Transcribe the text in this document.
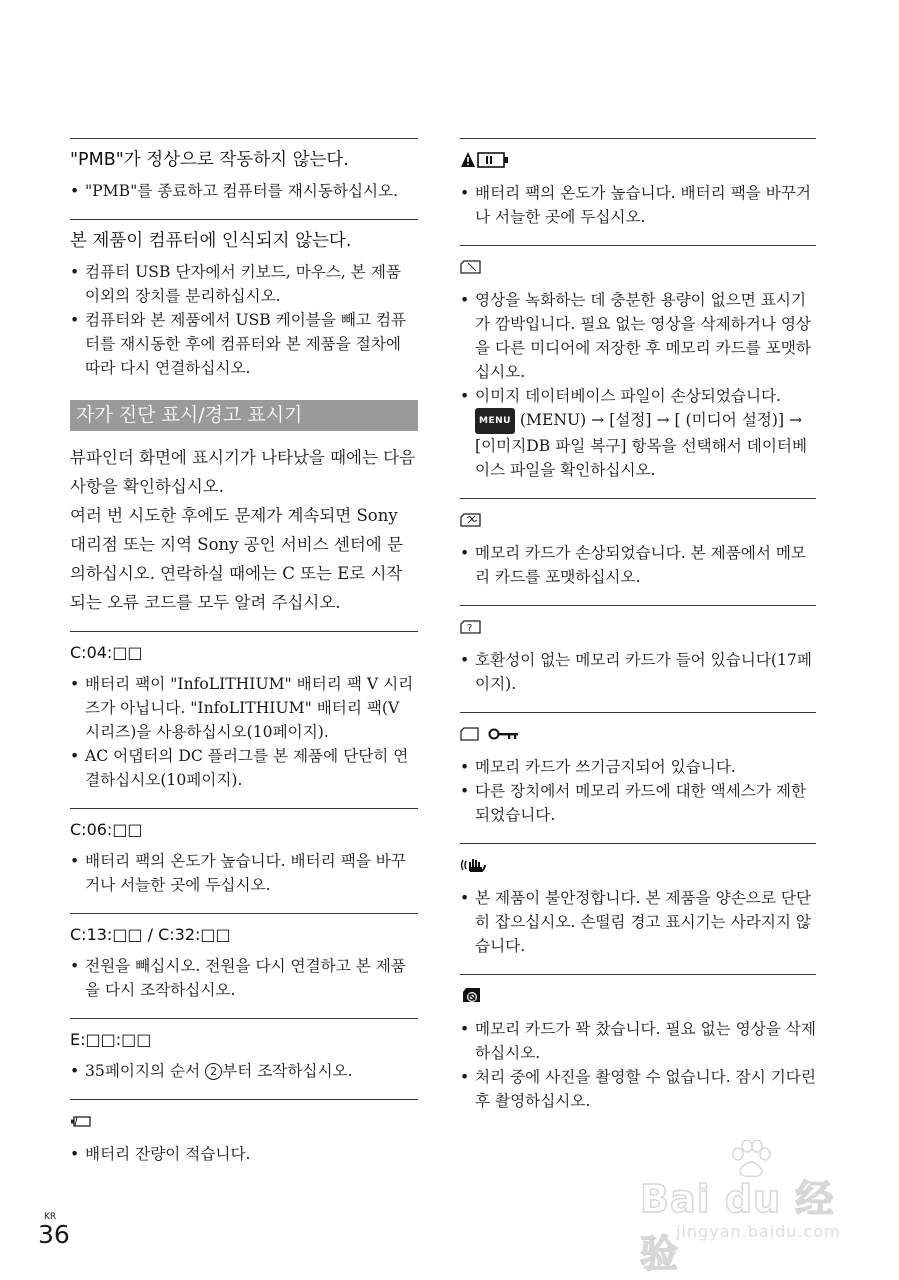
"PMB"가 정상으로 작동하지 않는다.
• "PMB"를 종료하고 컴퓨터를 재시동하십시오.
본 제품이 컴퓨터에 인식되지 않는다.
• 컴퓨터 USB 단자에서 키보드, 마우스, 본 제품 이외의 장치를 분리하십시오.
• 컴퓨터와 본 제품에서 USB 케이블을 빼고 컴퓨터를 재시동한 후에 컴퓨터와 본 제품을 절차에 따라 다시 연결하십시오.
자가 진단 표시/경고 표시기

뷰파인더 화면에 표시기가 나타났을 때에는 다음 사항을 확인하십시오.

여러 번 시도한 후에도 문제가 계속되면 Sony 대리점 또는 지역 Sony 공인 서비스 센터에 문의하십시오. 연락하실 때에는 C 또는 E로 시작되는 오류 코드를 모두 알려 주십시오.

C:04:□□
• 배터리 팩이 "InfoLITHIUM" 배터리 팩 V 시리즈가 아닙니다. "InfoLITHIUM" 배터리 팩(V 시리즈)을 사용하십시오(10페이지).
• AC 어댑터의 DC 플러그를 본 제품에 단단히 연결하십시오(10페이지).
C:06:□□
• 배터리 팩의 온도가 높습니다. 배터리 팩을 바꾸거나 서늘한 곳에 두십시오.
C:13:□□ / C:32:□□
• 전원을 빼십시오. 전원을 다시 연결하고 본 제품을 다시 조작하십시오.
E:□□:□□
• 35페이지의 순서 2 부터 조작하십시오.
• 배터리 잔량이 적습니다.
• 배터리 팩의 온도가 높습니다. 배터리 팩을 바꾸거나 서늘한 곳에 두십시오.
• 영상을 녹화하는 데 충분한 용량이 없으면 표시기가 깜박입니다. 필요 없는 영상을 삭제하거나 영상을 다른 미디어에 저장한 후 메모리 카드를 포맷하십시오.
• 이미지 데이터베이스 파일이 손상되었습니다. MENU (MENU) → [설정] → [ (미디어 설정)] → [이미지DB 파일 복구] 항목을 선택해서 데이터베이스 파일을 확인하십시오.
• 메모리 카드가 손상되었습니다. 본 제품에서 메모리 카드를 포맷하십시오.
?
• 호환성이 없는 메모리 카드가 들어 있습니다(17페이지).
• 메모리 카드가 쓰기금지되어 있습니다.
• 다른 장치에서 메모리 카드에 대한 액세스가 제한되었습니다.
• 본 제품이 불안정합니다. 본 제품을 양손으로 단단히 잡으십시오. 손떨림 경고 표시기는 사라지지 않습니다.
• 메모리 카드가 꽉 찼습니다. 필요 없는 영상을 삭제하십시오.
• 처리 중에 사진을 촬영할 수 없습니다. 잠시 기다린 후 촬영하십시오.
KR
36
Bai du 经验
jingyan.baidu.com
